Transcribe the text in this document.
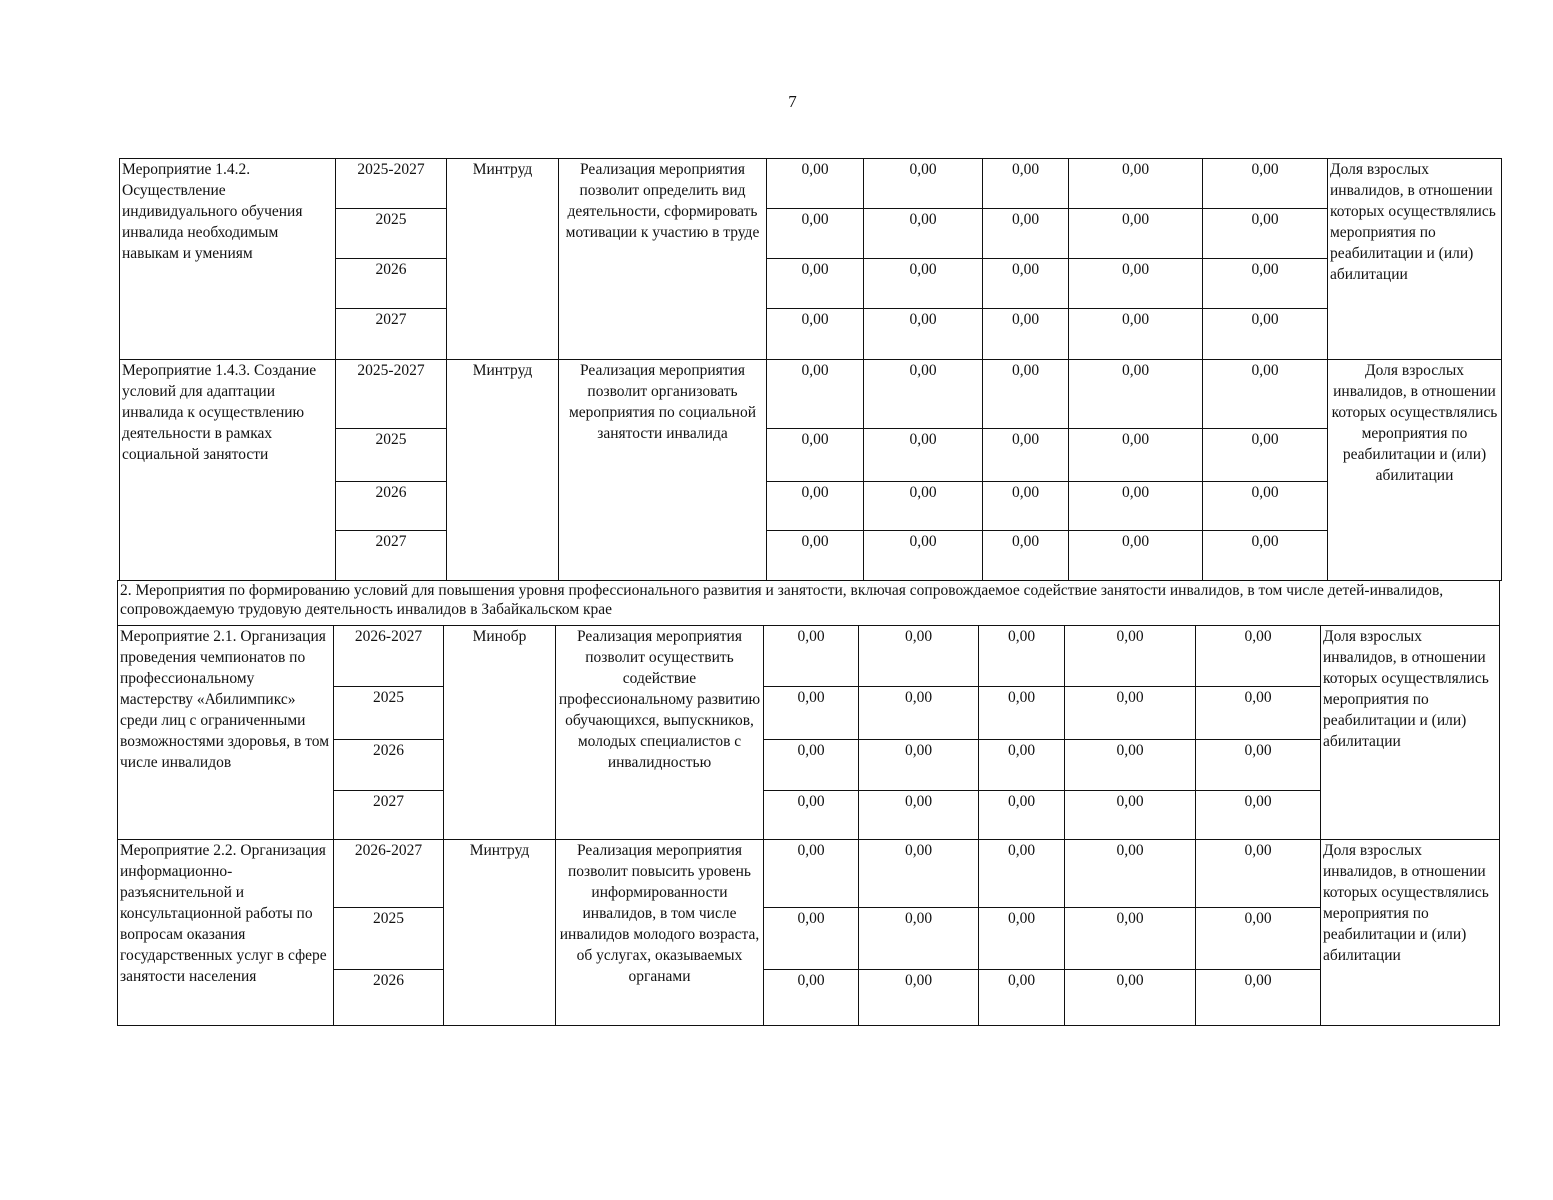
7
Мероприятие 1.4.2. Осуществление индивидуального обучения инвалида необходимым навыкам и умениям	2025-2027	Минтруд	Реализация мероприятия позволит определить вид деятельности, сформировать мотивации к участию в труде	0,00	0,00	0,00	0,00	0,00	Доля взрослых инвалидов, в отношении которых осуществлялись мероприятия по реабилитации и (или) абилитации
	2025			0,00	0,00	0,00	0,00	0,00	
	2026			0,00	0,00	0,00	0,00	0,00	
	2027			0,00	0,00	0,00	0,00	0,00	
Мероприятие 1.4.3. Создание условий для адаптации инвалида к осуществлению деятельности в рамках социальной занятости	2025-2027	Минтруд	Реализация мероприятия позволит организовать мероприятия по социальной занятости инвалида	0,00	0,00	0,00	0,00	0,00	Доля взрослых инвалидов, в отношении которых осуществлялись мероприятия по реабилитации и (или) абилитации
	2025			0,00	0,00	0,00	0,00	0,00	
	2026			0,00	0,00	0,00	0,00	0,00	
	2027			0,00	0,00	0,00	0,00	0,00	
2. Мероприятия по формированию условий для повышения уровня профессионального развития и занятости, включая сопровождаемое содействие занятости инвалидов, в том числе детей-инвалидов, сопровождаемую трудовую деятельность инвалидов в Забайкальском крае									
Мероприятие 2.1. Организация проведения чемпионатов по профессиональному мастерству «Абилимпикс» среди лиц с ограниченными возможностями здоровья, в том числе инвалидов	2026-2027	Минобр	Реализация мероприятия позволит осуществить содействие профессиональному развитию обучающихся, выпускников, молодых специалистов с инвалидностью	0,00	0,00	0,00	0,00	0,00	Доля взрослых инвалидов, в отношении которых осуществлялись мероприятия по реабилитации и (или) абилитации
	2025			0,00	0,00	0,00	0,00	0,00	
	2026			0,00	0,00	0,00	0,00	0,00	
	2027			0,00	0,00	0,00	0,00	0,00	
Мероприятие 2.2. Организация информационно-разъяснительной и консультационной работы по вопросам оказания государственных услуг в сфере занятости населения	2026-2027	Минтруд	Реализация мероприятия позволит повысить уровень информированности инвалидов, в том числе инвалидов молодого возраста, об услугах, оказываемых органами	0,00	0,00	0,00	0,00	0,00	Доля взрослых инвалидов, в отношении которых осуществлялись мероприятия по реабилитации и (или) абилитации
	2025			0,00	0,00	0,00	0,00	0,00	
	2026			0,00	0,00	0,00	0,00	0,00	
